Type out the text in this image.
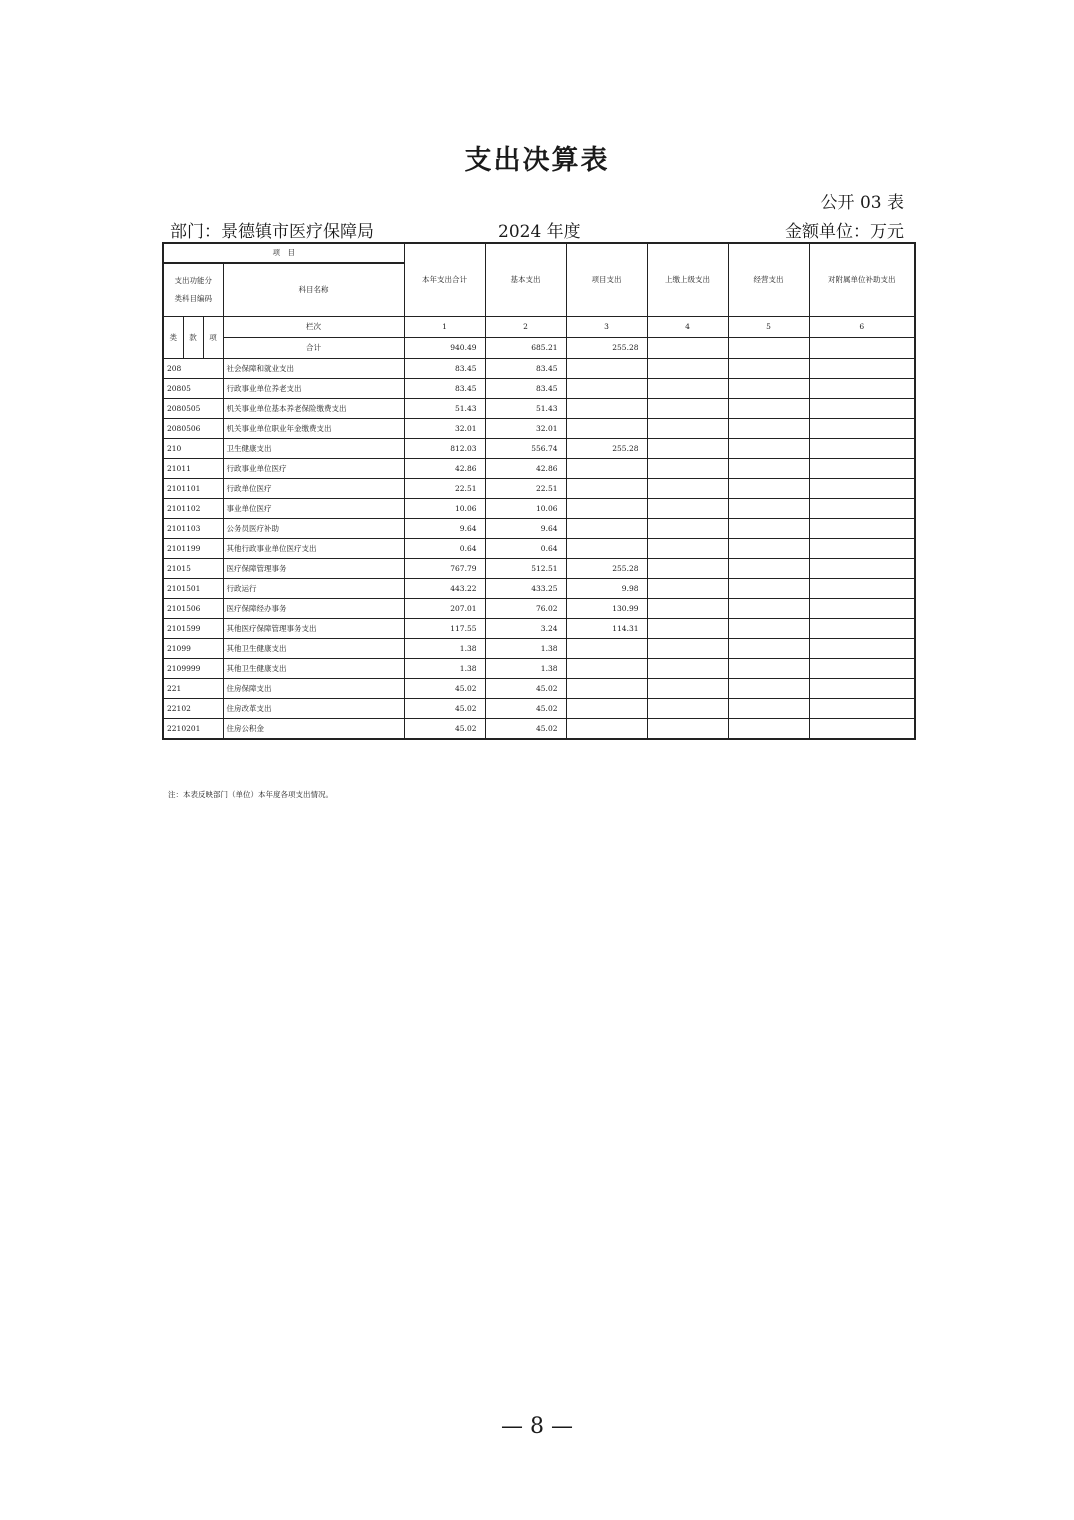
支出决算表
公开 03 表
部门：景德镇市医疗保障局	2024 年度	金额单位：万元
项　目				本年支出合计	基本支出	项目支出	上缴上级支出	经营支出	对附属单位补助支出

支出功能分
类科目编码			科目名称						
类	款	项	栏次	1	2	3	4	5	6
			合计	940.49	685.21	255.28			
208			社会保障和就业支出	83.45	83.45				
20805			行政事业单位养老支出	83.45	83.45				
2080505			机关事业单位基本养老保险缴费支出	51.43	51.43				
2080506			机关事业单位职业年金缴费支出	32.01	32.01				
210			卫生健康支出	812.03	556.74	255.28			
21011			行政事业单位医疗	42.86	42.86				
2101101			行政单位医疗	22.51	22.51				
2101102			事业单位医疗	10.06	10.06				
2101103			公务员医疗补助	9.64	9.64				
2101199			其他行政事业单位医疗支出	0.64	0.64				
21015			医疗保障管理事务	767.79	512.51	255.28			
2101501			行政运行	443.22	433.25	9.98			
2101506			医疗保障经办事务	207.01	76.02	130.99			
2101599			其他医疗保障管理事务支出	117.55	3.24	114.31			
21099			其他卫生健康支出	1.38	1.38				
2109999			其他卫生健康支出	1.38	1.38				
221			住房保障支出	45.02	45.02				
22102			住房改革支出	45.02	45.02				
2210201			住房公积金	45.02	45.02				
注：本表反映部门（单位）本年度各项支出情况。
— 8 —
